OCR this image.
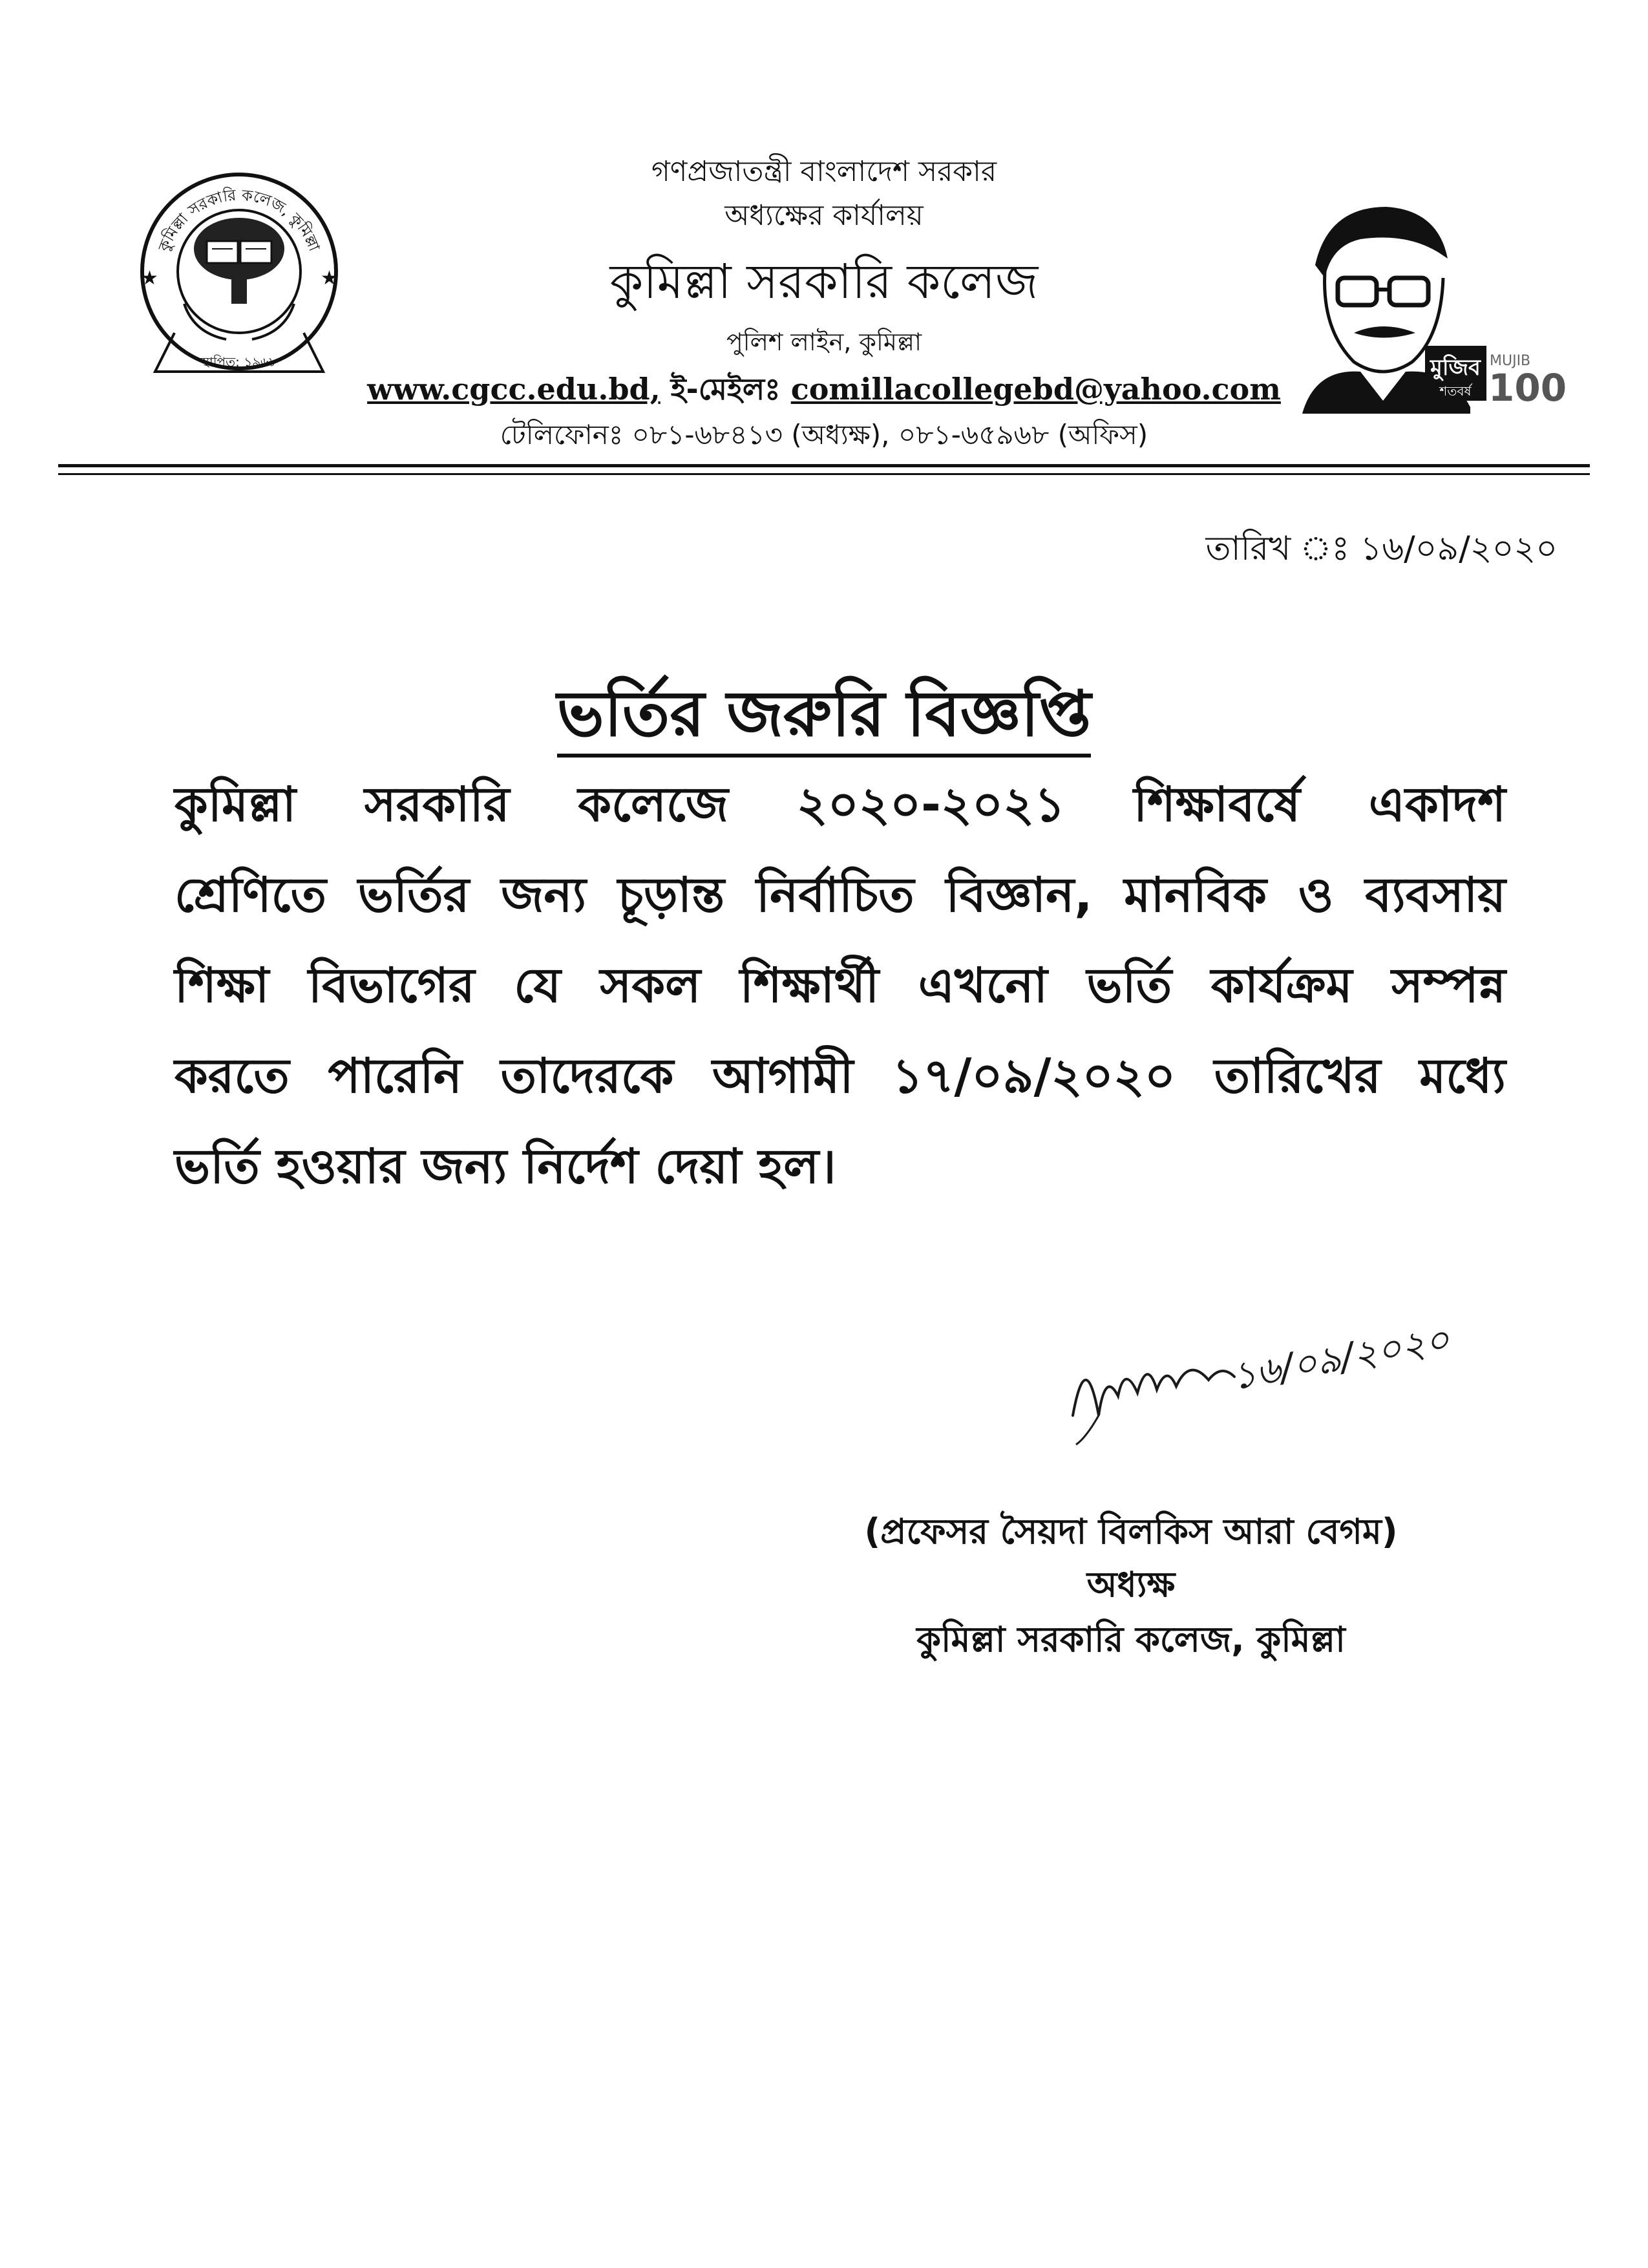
কুমিল্লা সরকারি কলেজ, কুমিল্লা
★	★
স্থাপিত: ১৯৬৮
গণপ্রজাতন্ত্রী বাংলাদেশ সরকার
অধ্যক্ষের কার্যালয়
কুমিল্লা সরকারি কলেজ
পুলিশ লাইন, কুমিল্লা
www.cgcc.edu.bd, ই-মেইলঃ comillacollegebd@yahoo.com
টেলিফোনঃ ০৮১-৬৮৪১৩ (অধ্যক্ষ), ০৮১-৬৫৯৬৮ (অফিস)
মুজিব
শতবর্ষ
MUJIB
100
তারিখ ঃ ১৬/০৯/২০২০
ভর্তির জরুরি বিজ্ঞপ্তি
কুমিল্লা সরকারি কলেজে ২০২০-২০২১ শিক্ষাবর্ষে একাদশ
শ্রেণিতে ভর্তির জন্য চূড়ান্ত নির্বাচিত বিজ্ঞান, মানবিক ও ব্যবসায়
শিক্ষা বিভাগের যে সকল শিক্ষার্থী এখনো ভর্তি কার্যক্রম সম্পন্ন
করতে পারেনি তাদেরকে আগামী ১৭/০৯/২০২০ তারিখের মধ্যে
ভর্তি হওয়ার জন্য নির্দেশ দেয়া হল।
১৬/০৯/২০২০
(প্রফেসর সৈয়দা বিলকিস আরা বেগম)
অধ্যক্ষ
কুমিল্লা সরকারি কলেজ, কুমিল্লা
